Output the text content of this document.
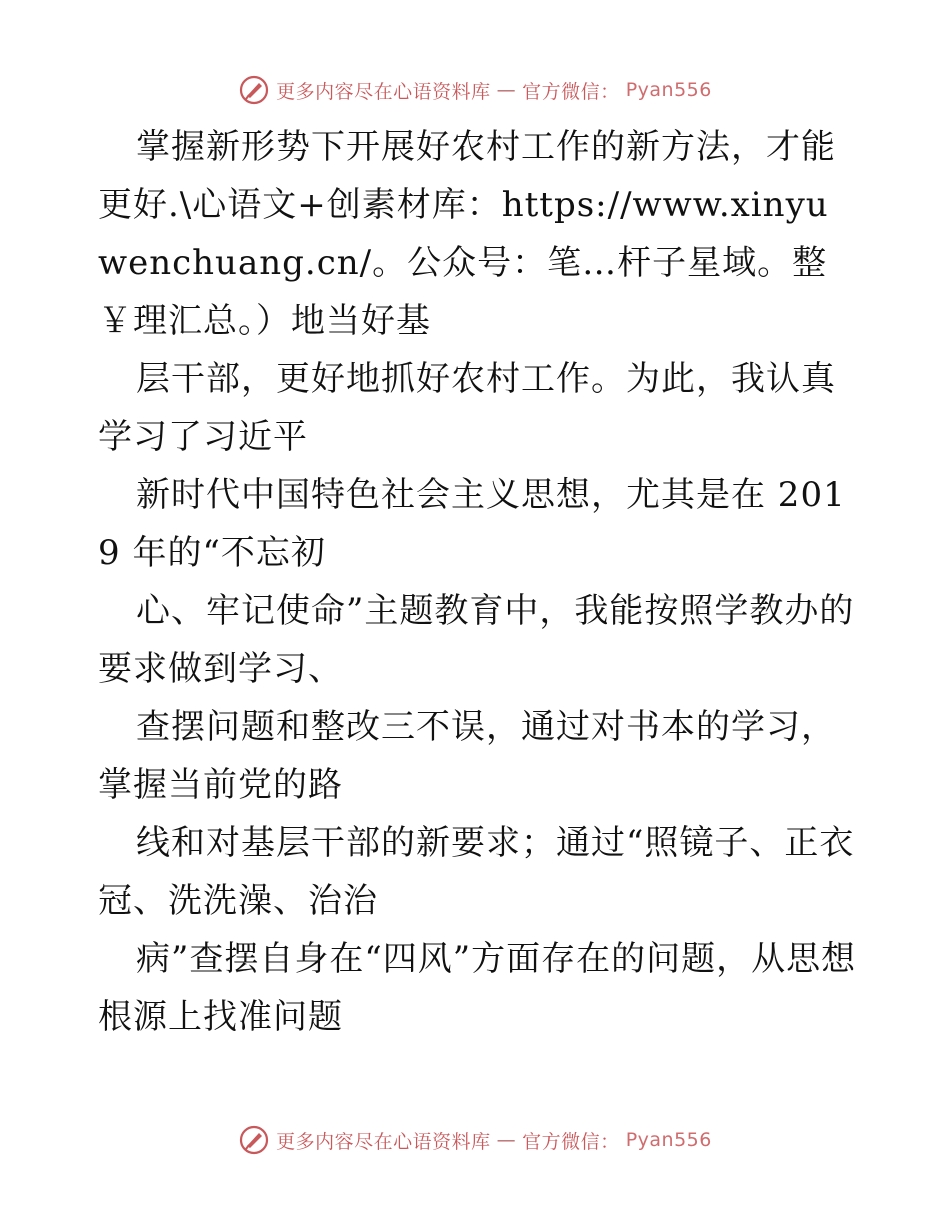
更多内容尽在心语资料库 — 官方微信： Pyan556

掌握新形势下开展好农村工作的新方法，才能更好.\心语文+创素材库：https://www.xinyuwenchuang.cn/。公众号：笔…杆子星域。整￥理汇总。）地当好基

层干部，更好地抓好农村工作。为此，我认真学习了习近平

新时代中国特色社会主义思想，尤其是在 2019 年的“不忘初

心、牢记使命”主题教育中，我能按照学教办的要求做到学习、

查摆问题和整改三不误，通过对书本的学习，掌握当前党的路

线和对基层干部的新要求；通过“照镜子、正衣冠、洗洗澡、治治

病”查摆自身在“四风”方面存在的问题，从思想根源上找准问题

更多内容尽在心语资料库 — 官方微信： Pyan556
